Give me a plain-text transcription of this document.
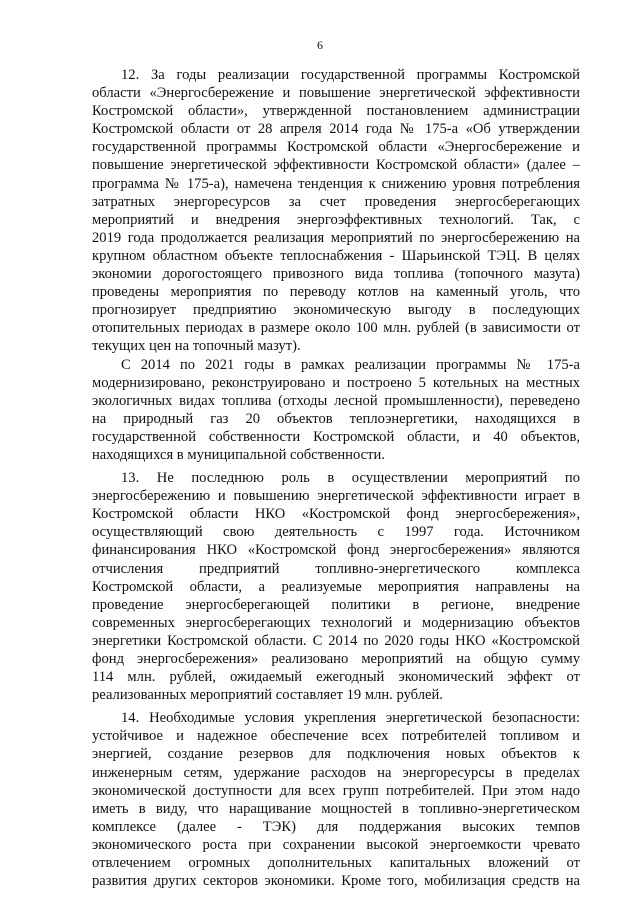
6
12. За годы реализации государственной программы Костромской
области «Энергосбережение и повышение энергетической эффективности
Костромской области», утвержденной постановлением администрации
Костромской области от 28 апреля 2014 года № 175-а «Об утверждении
государственной программы Костромской области «Энергосбережение и
повышение энергетической эффективности Костромской области» (далее –
программа № 175-а), намечена тенденция к снижению уровня потребления
затратных энергоресурсов за счет проведения энергосберегающих
мероприятий и внедрения энергоэффективных технологий. Так, с
2019 года продолжается реализация мероприятий по энергосбережению на
крупном областном объекте теплоснабжения - Шарьинской ТЭЦ. В целях
экономии дорогостоящего привозного вида топлива (топочного мазута)
проведены мероприятия по переводу котлов на каменный уголь, что
прогнозирует предприятию экономическую выгоду в последующих
отопительных периодах в размере около 100 млн. рублей (в зависимости от
текущих цен на топочный мазут).
С 2014 по 2021 годы в рамках реализации программы № 175-а
модернизировано, реконструировано и построено 5 котельных на местных
экологичных видах топлива (отходы лесной промышленности), переведено
на природный газ 20 объектов теплоэнергетики, находящихся в
государственной собственности Костромской области, и 40 объектов,
находящихся в муниципальной собственности.
13. Не последнюю роль в осуществлении мероприятий по
энергосбережению и повышению энергетической эффективности играет в
Костромской области НКО «Костромской фонд энергосбережения»,
осуществляющий свою деятельность с 1997 года. Источником
финансирования НКО «Костромской фонд энергосбережения» являются
отчисления предприятий топливно-энергетического комплекса
Костромской области, а реализуемые мероприятия направлены на
проведение энергосберегающей политики в регионе, внедрение
современных энергосберегающих технологий и модернизацию объектов
энергетики Костромской области. С 2014 по 2020 годы НКО «Костромской
фонд энергосбережения» реализовано мероприятий на общую сумму
114 млн. рублей, ожидаемый ежегодный экономический эффект от
реализованных мероприятий составляет 19 млн. рублей.
14. Необходимые условия укрепления энергетической безопасности:
устойчивое и надежное обеспечение всех потребителей топливом и
энергией, создание резервов для подключения новых объектов к
инженерным сетям, удержание расходов на энергоресурсы в пределах
экономической доступности для всех групп потребителей. При этом надо
иметь в виду, что наращивание мощностей в топливно-энергетическом
комплексе (далее - ТЭК) для поддержания высоких темпов
экономического роста при сохранении высокой энергоемкости чревато
отвлечением огромных дополнительных капитальных вложений от
развития других секторов экономики. Кроме того, мобилизация средств на
